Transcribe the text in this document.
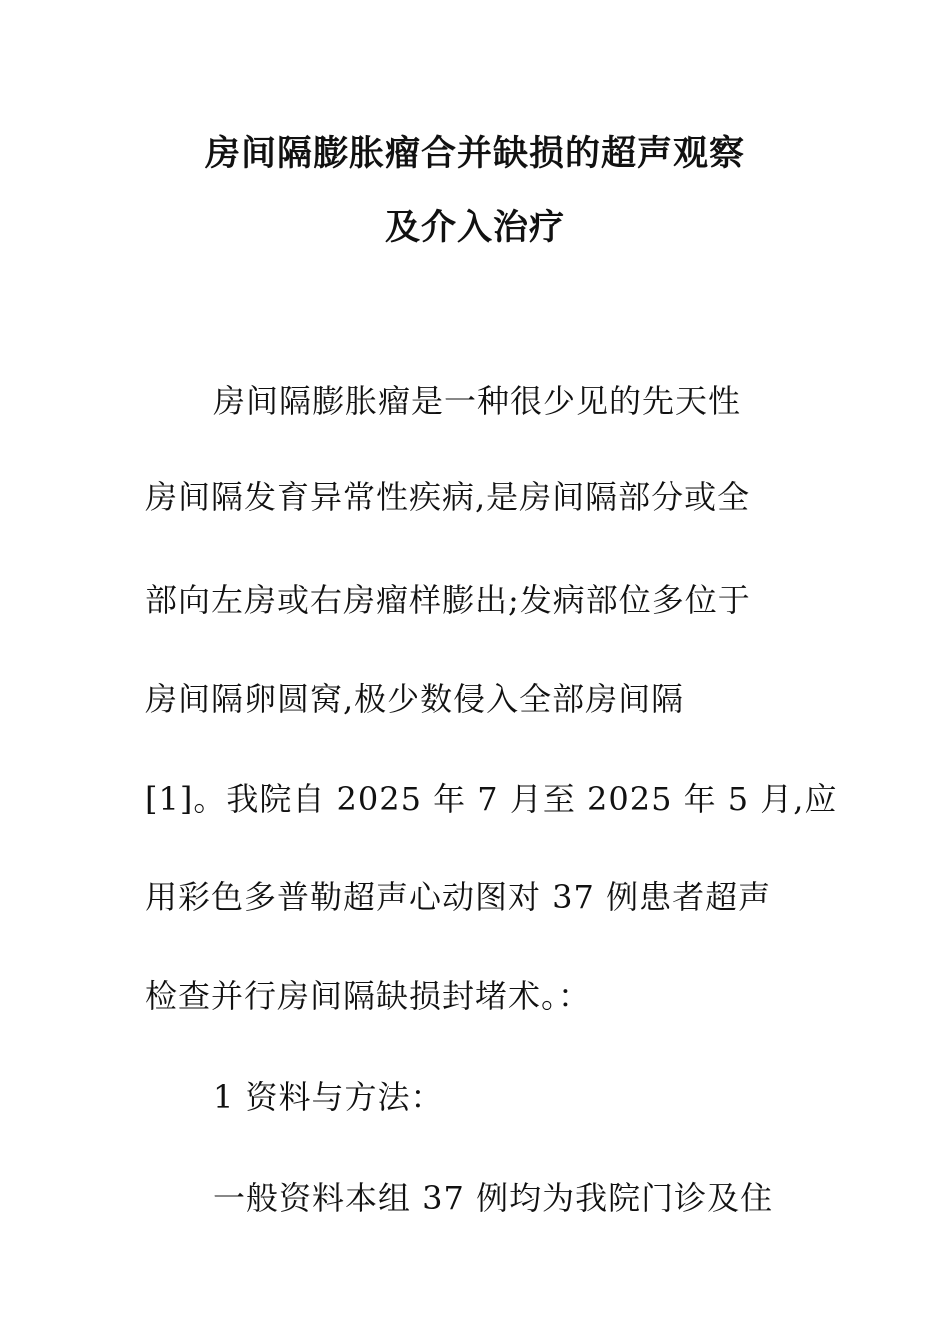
房间隔膨胀瘤合并缺损的超声观察
及介入治疗
房间隔膨胀瘤是一种很少见的先天性
房间隔发育异常性疾病,是房间隔部分或全
部向左房或右房瘤样膨出;发病部位多位于
房间隔卵圆窝,极少数侵入全部房间隔
[1]。我院自 2025 年 7 月至 2025 年 5 月,应
用彩色多普勒超声心动图对 37 例患者超声
检查并行房间隔缺损封堵术。：
1 资料与方法：
一般资料本组 37 例均为我院门诊及住
